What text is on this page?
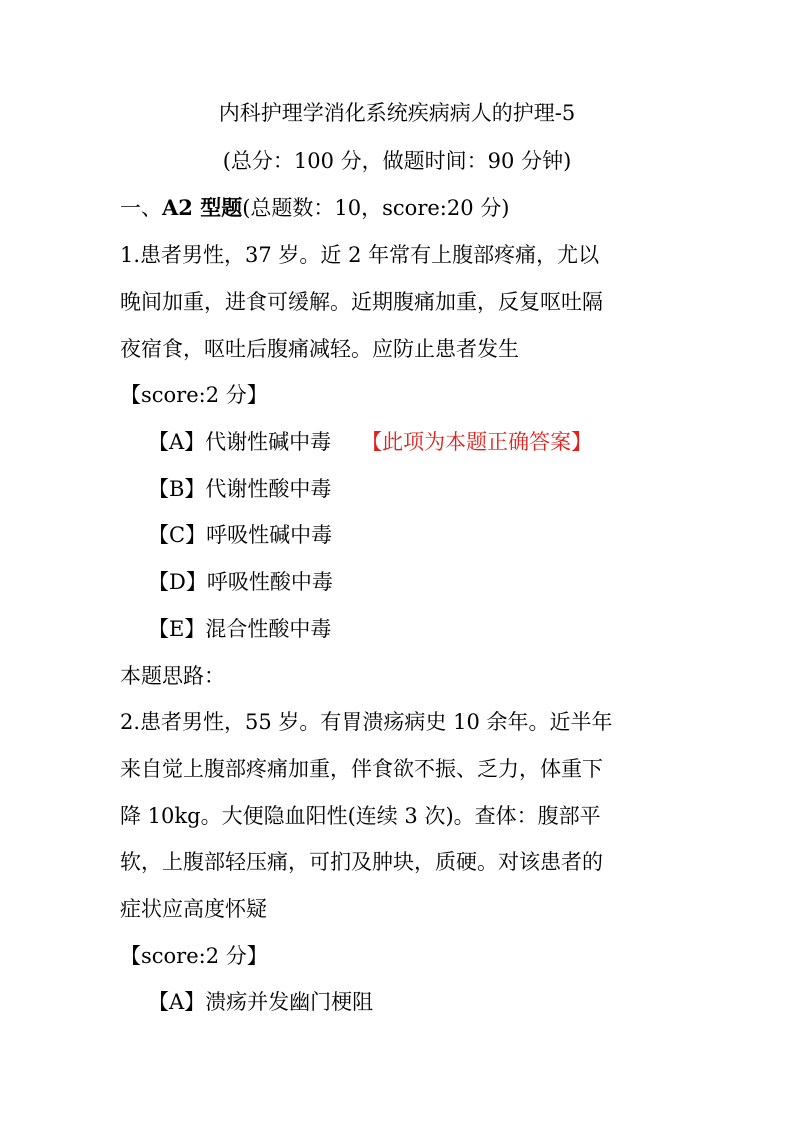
内科护理学消化系统疾病病人的护理-5
(总分：100 分，做题时间：90 分钟)
一、A2 型题(总题数：10，score:20 分)
1.患者男性，37 岁。近 2 年常有上腹部疼痛，尤以
晚间加重，进食可缓解。近期腹痛加重，反复呕吐隔
夜宿食，呕吐后腹痛减轻。应防止患者发生
【score:2 分】
【A】代谢性碱中毒 【此项为本题正确答案】
【B】代谢性酸中毒
【C】呼吸性碱中毒
【D】呼吸性酸中毒
【E】混合性酸中毒
本题思路：
2.患者男性，55 岁。有胃溃疡病史 10 余年。近半年
来自觉上腹部疼痛加重，伴食欲不振、乏力，体重下
降 10kg。大便隐血阳性(连续 3 次)。查体：腹部平
软，上腹部轻压痛，可扪及肿块，质硬。对该患者的
症状应高度怀疑
【score:2 分】
【A】溃疡并发幽门梗阻
